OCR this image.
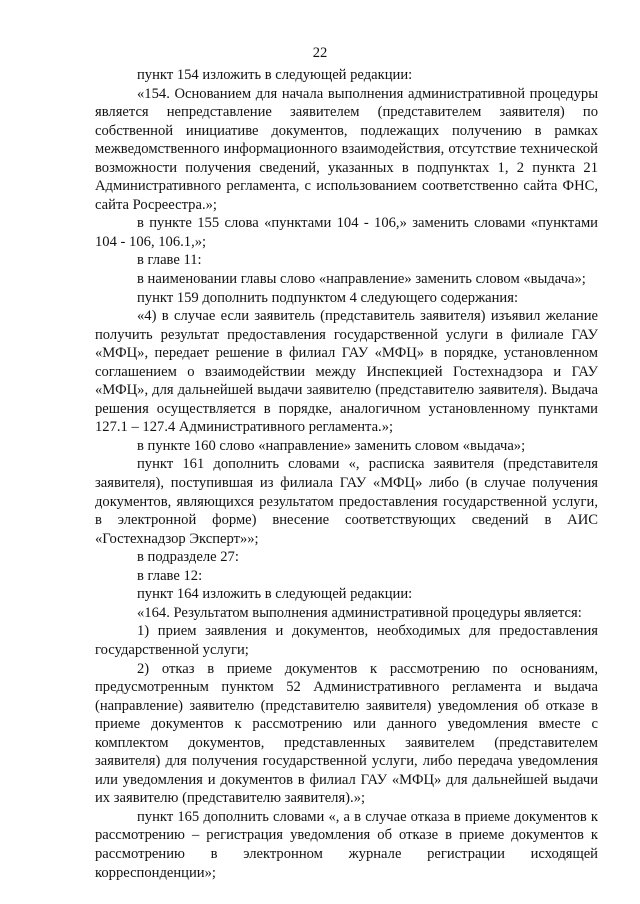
22

пункт 154 изложить в следующей редакции:

«154. Основанием для начала выполнения административной процедуры является непредставление заявителем (представителем заявителя) по собственной инициативе документов, подлежащих получению в рамках межведомственного информационного взаимодействия, отсутствие технической возможности получения сведений, указанных в подпунктах 1, 2 пункта 21 Административного регламента, с использованием соответственно сайта ФНС, сайта Росреестра.»;

в пункте 155 слова «пунктами 104 - 106,» заменить словами «пунктами 104 - 106, 106.1,»;

в главе 11:

в наименовании главы слово «направление» заменить словом «выдача»;

пункт 159 дополнить подпунктом 4 следующего содержания:

«4) в случае если заявитель (представитель заявителя) изъявил желание получить результат предоставления государственной услуги в филиале ГАУ «МФЦ», передает решение в филиал ГАУ «МФЦ» в порядке, установленном соглашением о взаимодействии между Инспекцией Гостехнадзора и ГАУ «МФЦ», для дальнейшей выдачи заявителю (представителю заявителя). Выдача решения осуществляется в порядке, аналогичном установленному пунктами 127.1 – 127.4 Административного регламента.»;

в пункте 160 слово «направление» заменить словом «выдача»;

пункт 161 дополнить словами «, расписка заявителя (представителя заявителя), поступившая из филиала ГАУ «МФЦ» либо (в случае получения документов, являющихся результатом предоставления государственной услуги, в электронной форме) внесение соответствующих сведений в АИС «Гостехнадзор Эксперт»»;

в подразделе 27:

в главе 12:

пункт 164 изложить в следующей редакции:

«164. Результатом выполнения административной процедуры является:

1) прием заявления и документов, необходимых для предоставления государственной услуги;

2) отказ в приеме документов к рассмотрению по основаниям, предусмотренным пунктом 52 Административного регламента и выдача (направление) заявителю (представителю заявителя) уведомления об отказе в приеме документов к рассмотрению или данного уведомления вместе с комплектом документов, представленных заявителем (представителем заявителя) для получения государственной услуги, либо передача уведомления или уведомления и документов в филиал ГАУ «МФЦ» для дальнейшей выдачи их заявителю (представителю заявителя).»;

пункт 165 дополнить словами «, а в случае отказа в приеме документов к рассмотрению – регистрация уведомления об отказе в приеме документов к рассмотрению в электронном журнале регистрации исходящей корреспонденции»;
